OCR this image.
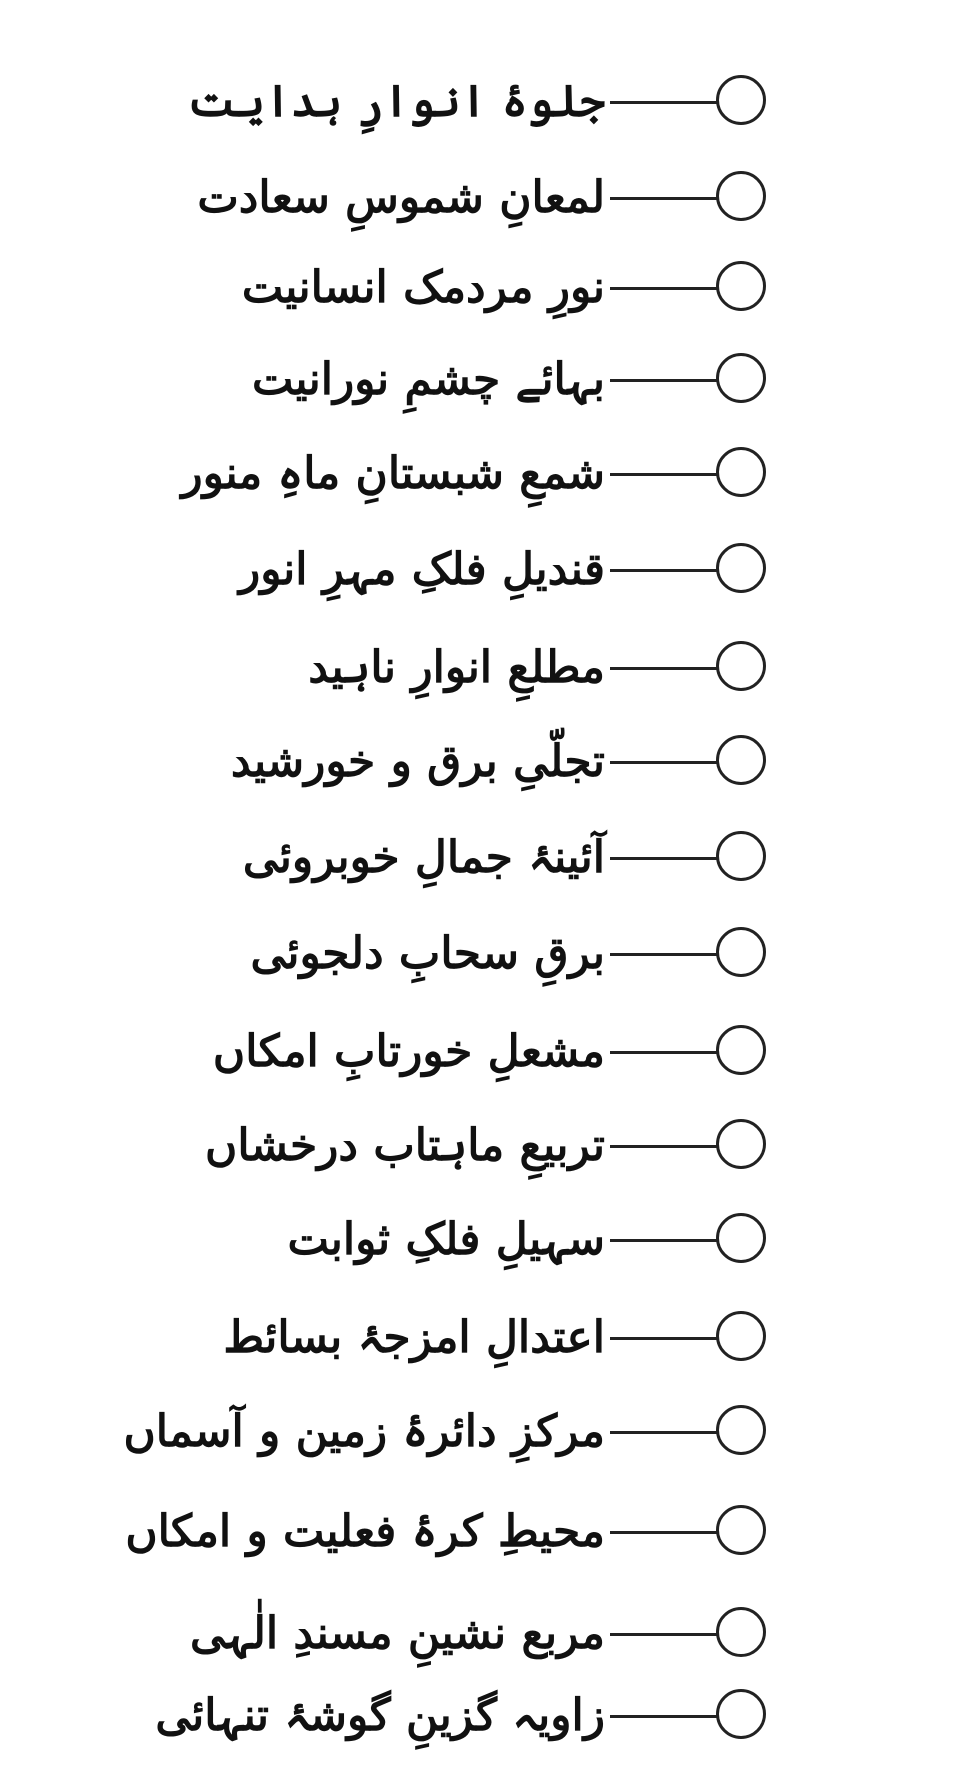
جلوۂ انوارِ ہدایت
لمعانِ شموسِ سعادت
نورِ مردمک انسانیت
بہائے چشمِ نورانیت
شمعِ شبستانِ ماہِ منور
قندیلِ فلکِ مہرِ انور
مطلعِ انوارِ ناہید
تجلّیِ برق و خورشید
آئینۂ جمالِ خوبروئی
برقِ سحابِ دلجوئی
مشعلِ خورتابِ امکاں
تربیعِ ماہتاب درخشاں
سہیلِ فلکِ ثوابت
اعتدالِ امزجۂ بسائط
مرکزِ دائرۂ زمین و آسماں
محیطِ کرۂ فعلیت و امکاں
مربع نشینِ مسندِ الٰہی
زاویہ گزینِ گوشۂ تنہائی
